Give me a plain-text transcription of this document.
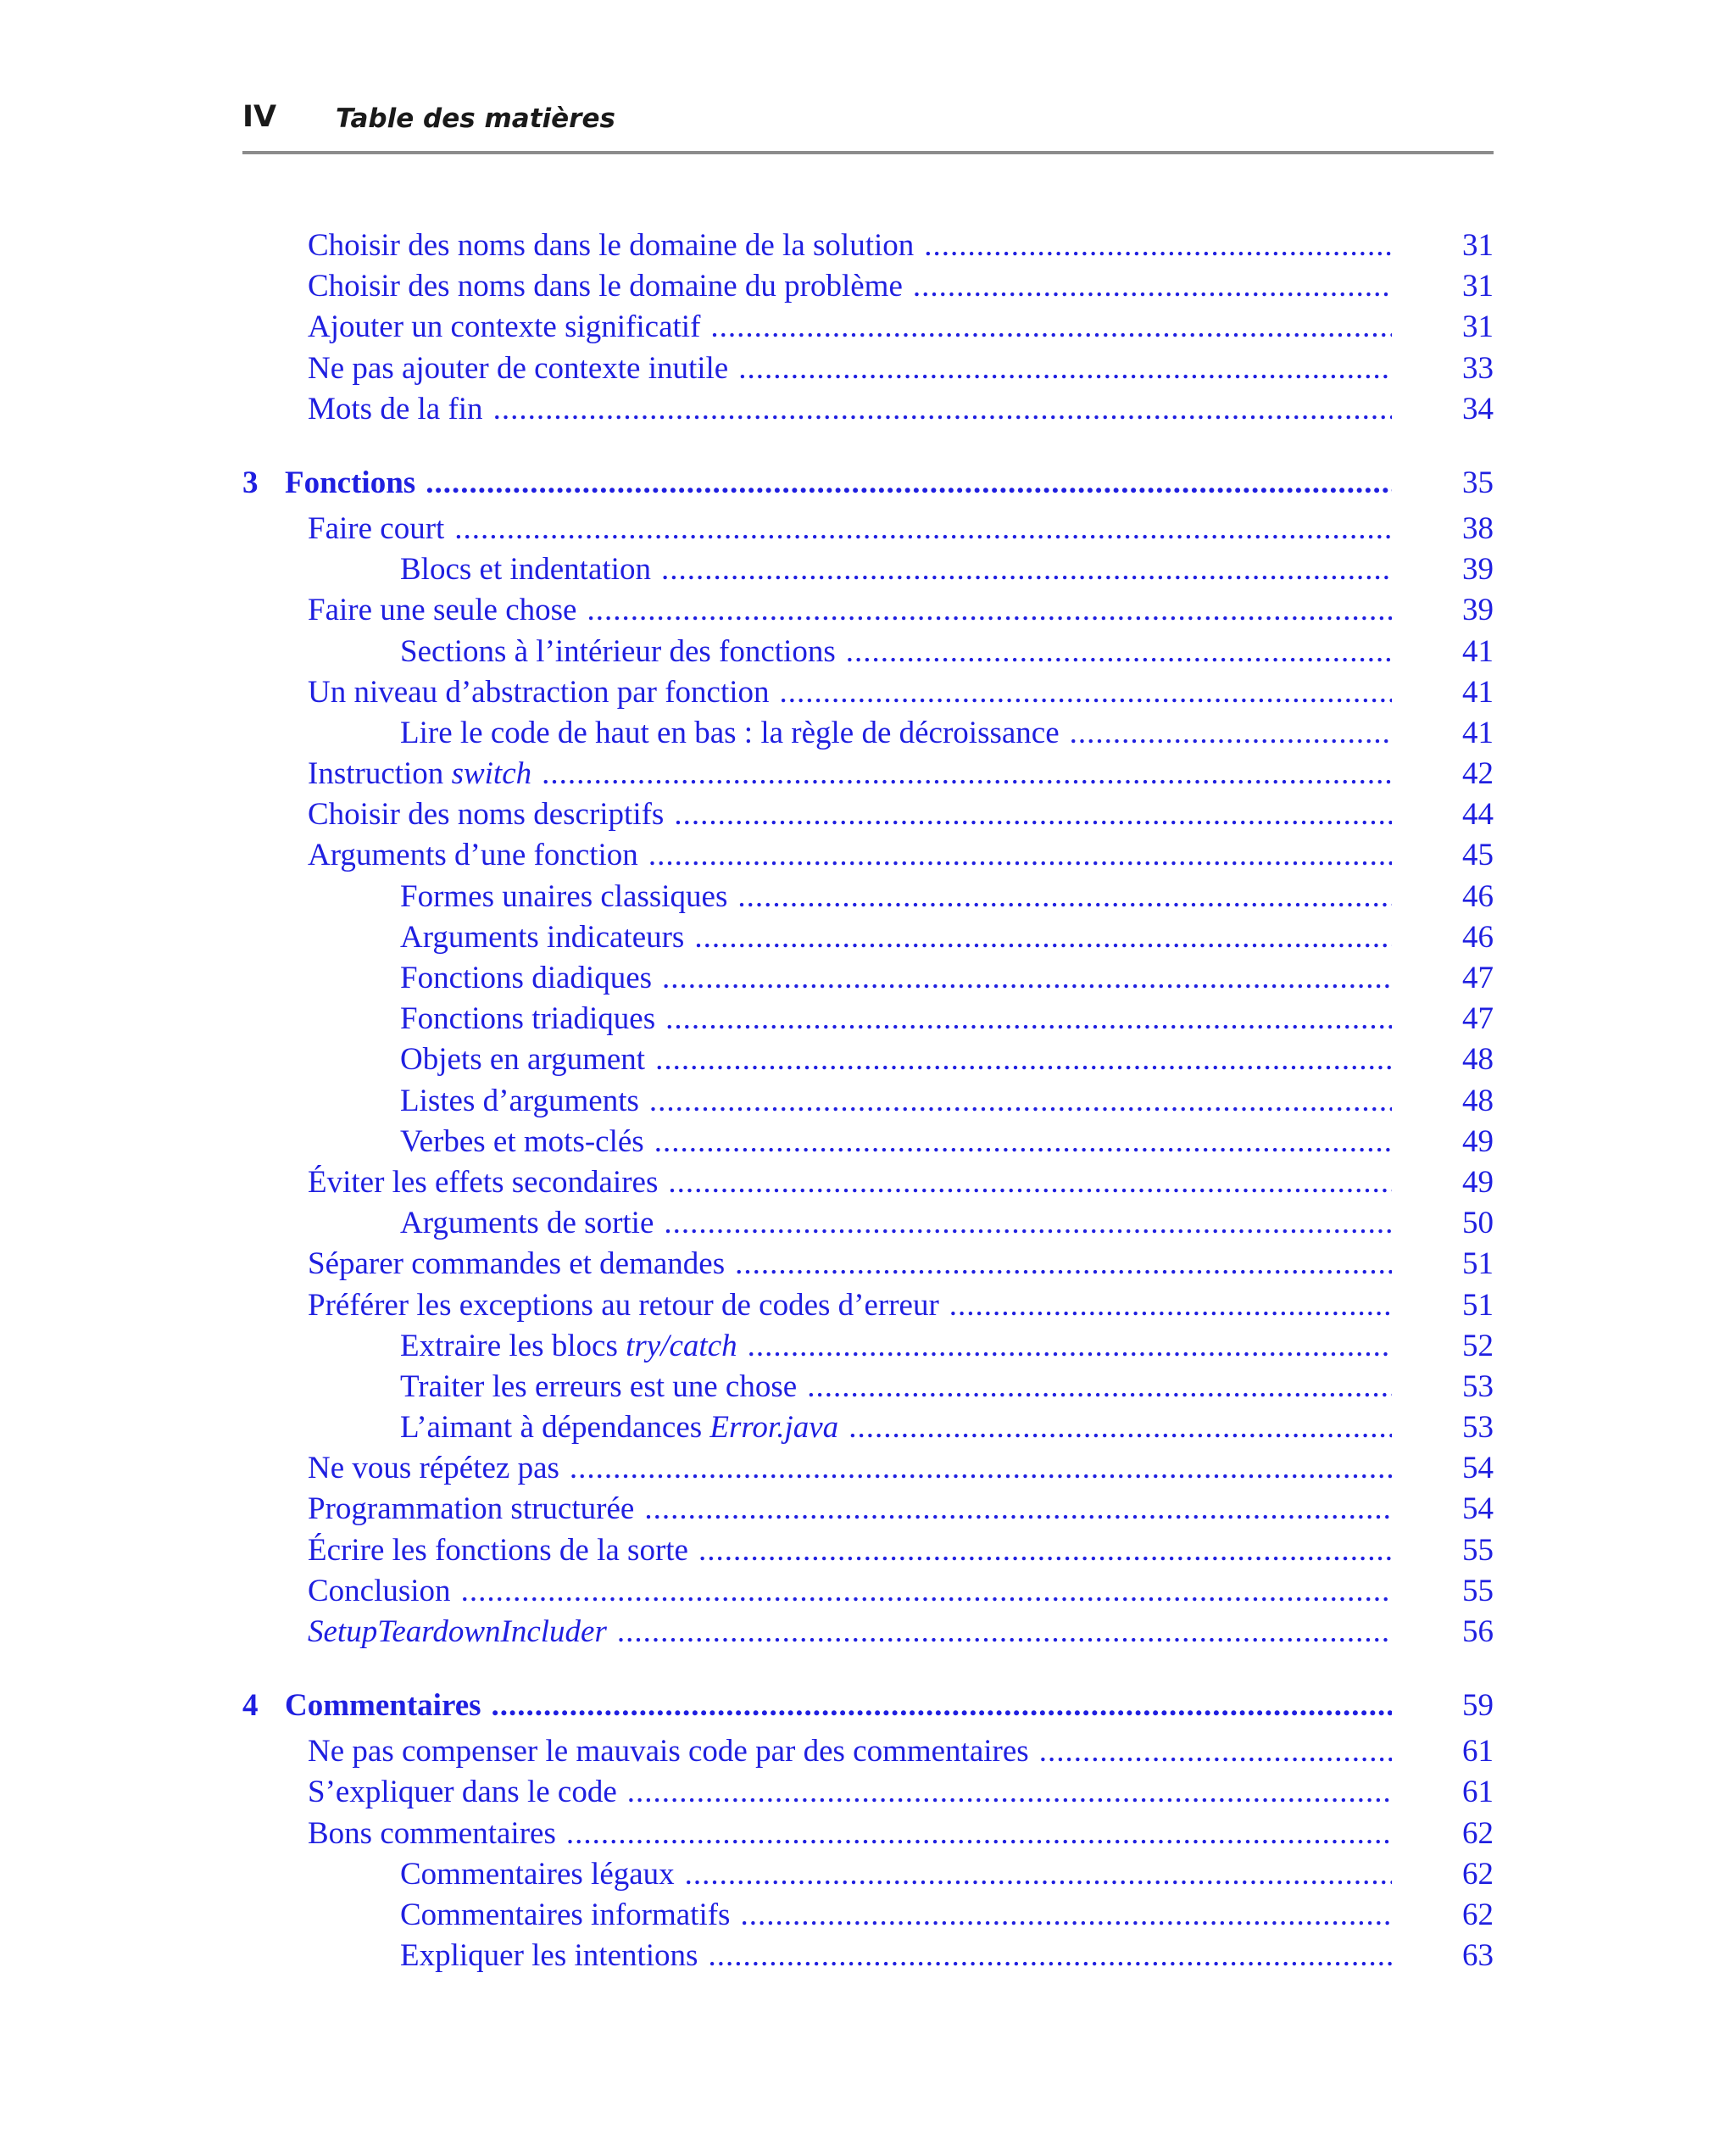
IV Table des matières
Choisir des noms dans le domaine de la solution .....	31
Choisir des noms dans le domaine du problème .....	31
Ajouter un contexte significatif .....	31
Ne pas ajouter de contexte inutile .....	33
Mots de la fin .....	34
3 Fonctions .....	35
Faire court .....	38
Blocs et indentation .....	39
Faire une seule chose .....	39
Sections à l’intérieur des fonctions .....	41
Un niveau d’abstraction par fonction .....	41
Lire le code de haut en bas : la règle de décroissance .....	41
Instruction switch .....	42
Choisir des noms descriptifs .....	44
Arguments d’une fonction .....	45
Formes unaires classiques .....	46
Arguments indicateurs .....	46
Fonctions diadiques .....	47
Fonctions triadiques .....	47
Objets en argument .....	48
Listes d’arguments .....	48
Verbes et mots-clés .....	49
Éviter les effets secondaires .....	49
Arguments de sortie .....	50
Séparer commandes et demandes .....	51
Préférer les exceptions au retour de codes d’erreur .....	51
Extraire les blocs try/catch .....	52
Traiter les erreurs est une chose .....	53
L’aimant à dépendances Error.java .....	53
Ne vous répétez pas .....	54
Programmation structurée .....	54
Écrire les fonctions de la sorte .....	55
Conclusion .....	55
SetupTeardownIncluder .....	56
4 Commentaires .....	59
Ne pas compenser le mauvais code par des commentaires .....	61
S’expliquer dans le code .....	61
Bons commentaires .....	62
Commentaires légaux .....	62
Commentaires informatifs .....	62
Expliquer les intentions .....	63
